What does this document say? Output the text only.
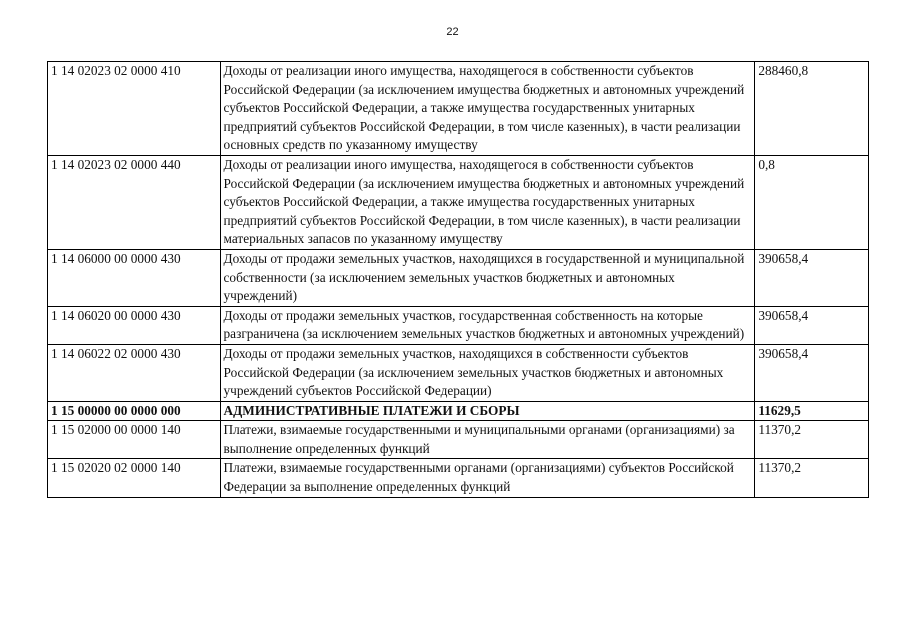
22
1 14 02023 02 0000 410	Доходы от реализации иного имущества, находящегося в собственности субъектов Российской Федерации (за исключением имущества бюджетных и автономных учреждений субъектов Российской Федерации, а также имущества государственных унитарных предприятий субъектов Российской Федерации, в том числе казенных), в части реализации основных средств по указанному имуществу	288460,8
1 14 02023 02 0000 440	Доходы от реализации иного имущества, находящегося в собственности субъектов Российской Федерации (за исключением имущества бюджетных и автономных учреждений субъектов Российской Федерации, а также имущества государственных унитарных предприятий субъектов Российской Федерации, в том числе казенных), в части реализации материальных запасов по указанному имуществу	0,8
1 14 06000 00 0000 430	Доходы от продажи земельных участков, находящихся в государственной и муниципальной собственности (за исключением земельных участков бюджетных и автономных учреждений)	390658,4
1 14 06020 00 0000 430	Доходы от продажи земельных участков, государственная собственность на которые разграничена (за исключением земельных участков бюджетных и автономных учреждений)	390658,4
1 14 06022 02 0000 430	Доходы от продажи земельных участков, находящихся в собственности субъектов Российской Федерации (за исключением земельных участков бюджетных и автономных учреждений субъектов Российской Федерации)	390658,4
1 15 00000 00 0000 000	АДМИНИСТРАТИВНЫЕ ПЛАТЕЖИ И СБОРЫ	11629,5
1 15 02000 00 0000 140	Платежи, взимаемые государственными и муниципальными органами (организациями) за выполнение определенных функций	11370,2
1 15 02020 02 0000 140	Платежи, взимаемые государственными органами (организациями) субъектов Российской Федерации за выполнение определенных функций	11370,2
